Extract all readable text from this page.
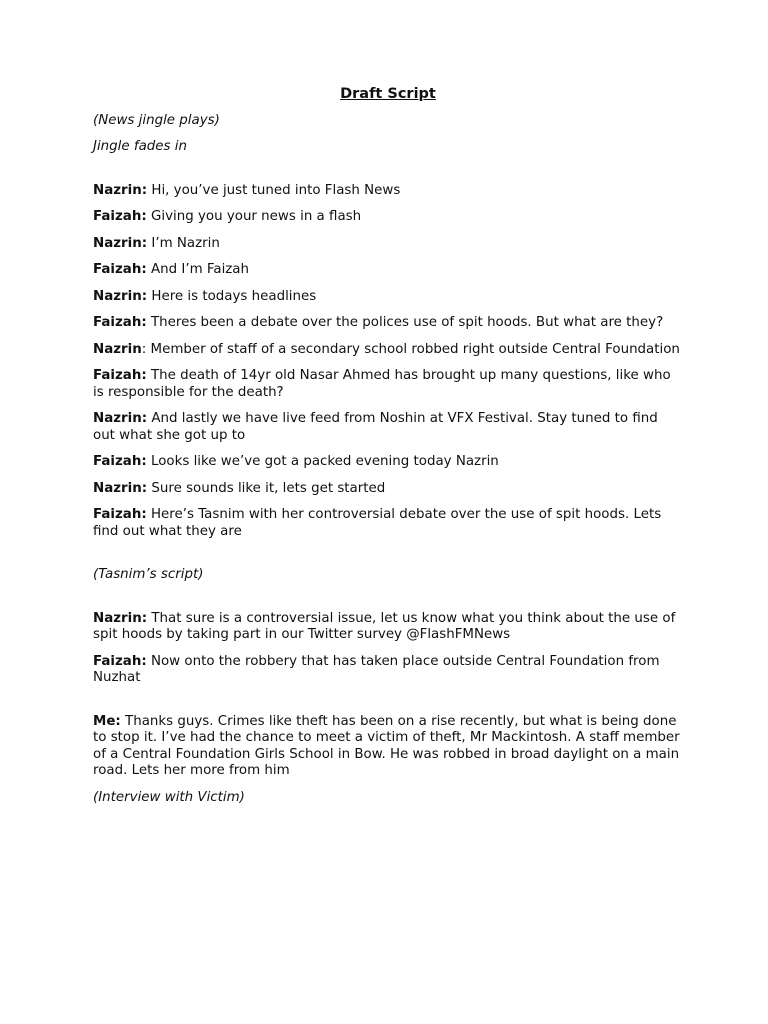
Draft Script
(News jingle plays)
Jingle fades in
Nazrin: Hi, you’ve just tuned into Flash News
Faizah: Giving you your news in a flash
Nazrin: I’m Nazrin
Faizah: And I’m Faizah
Nazrin: Here is todays headlines
Faizah: Theres been a debate over the polices use of spit hoods. But what are they?
Nazrin: Member of staff of a secondary school robbed right outside Central Foundation
Faizah: The death of 14yr old Nasar Ahmed has brought up many questions, like who is responsible for the death?
Nazrin: And lastly we have live feed from Noshin at VFX Festival. Stay tuned to find out what she got up to
Faizah: Looks like we’ve got a packed evening today Nazrin
Nazrin: Sure sounds like it, lets get started
Faizah: Here’s Tasnim with her controversial debate over the use of spit hoods. Lets find out what they are
(Tasnim’s script)
Nazrin: That sure is a controversial issue, let us know what you think about the use of spit hoods by taking part in our Twitter survey @FlashFMNews
Faizah: Now onto the robbery that has taken place outside Central Foundation from Nuzhat
Me: Thanks guys. Crimes like theft has been on a rise recently, but what is being done to stop it. I’ve had the chance to meet a victim of theft, Mr Mackintosh. A staff member of a Central Foundation Girls School in Bow. He was robbed in broad daylight on a main road. Lets her more from him
(Interview with Victim)
